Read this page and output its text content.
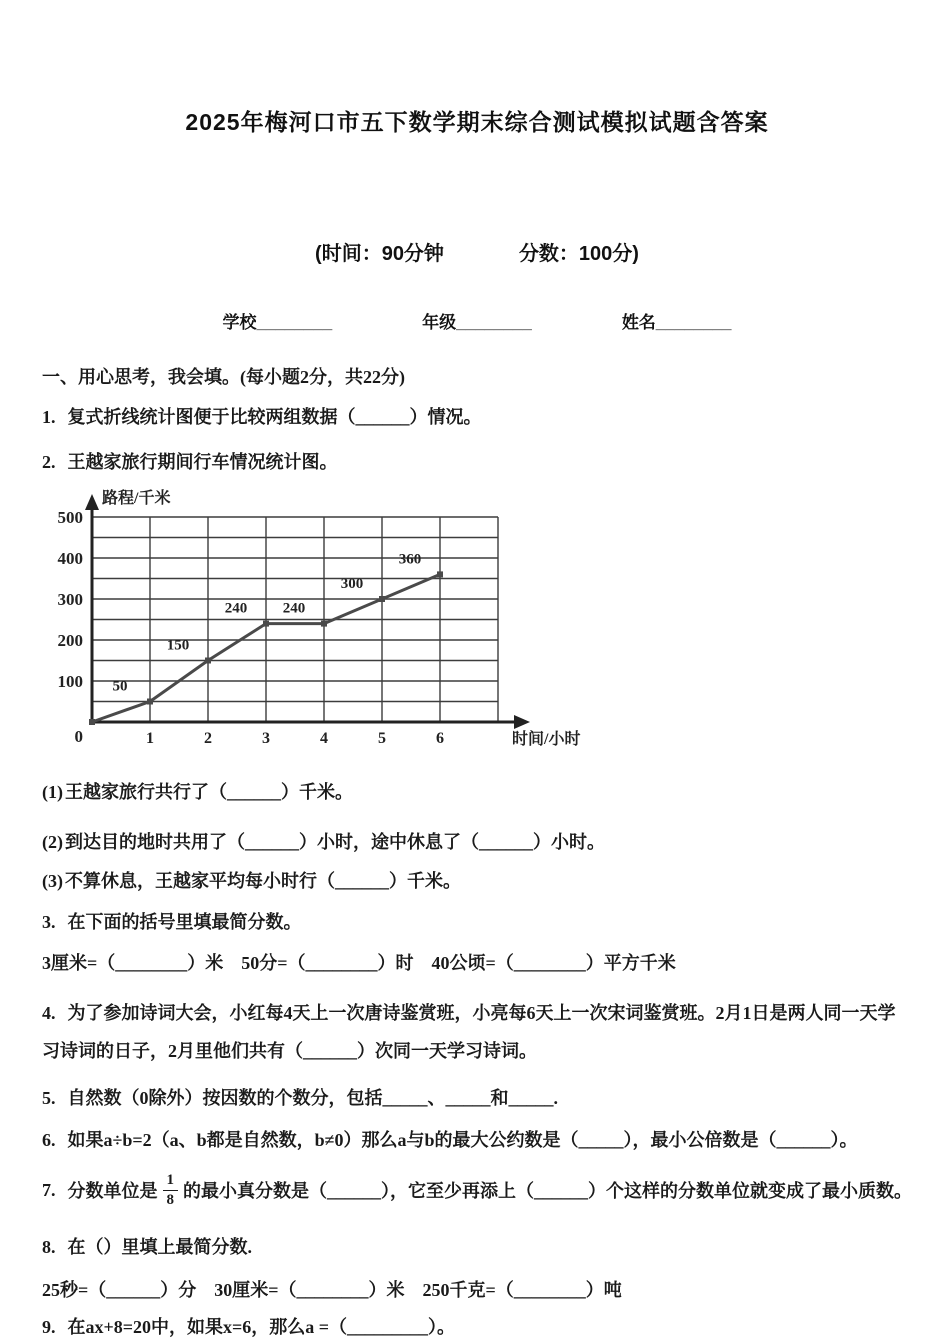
2025年梅河口市五下数学期末综合测试模拟试题含答案
(时间：90分钟	分数：100分)
学校________	年级________	姓名________

一、用心思考，我会填。(每小题2分，共22分)

1. 复式折线统计图便于比较两组数据（______）情况。

2. 王越家旅行期间行车情况统计图。

100
200
300
400
500
0	1	2	3	4	5	6
路程/千米
时间/小时
50
150
240 240
300
360

(1) 王越家旅行共行了（______）千米。

(2) 到达目的地时共用了（______）小时，途中休息了（______）小时。

(3) 不算休息，王越家平均每小时行（______）千米。

3. 在下面的括号里填最简分数。

3厘米=（________）米　50分=（________）时　40公顷=（________）平方千米

4. 为了参加诗词大会，小红每4天上一次唐诗鉴赏班，小亮每6天上一次宋词鉴赏班。2月1日是两人同一天学习诗词的日子，2月里他们共有（______）次同一天学习诗词。

5. 自然数（0除外）按因数的个数分，包括_____、_____和_____.

6. 如果a÷b=2（a、b都是自然数，b≠0）那么a与b的最大公约数是（_____），最小公倍数是（______）。

7. 分数单位是 $\frac{1}{8}$ 的最小真分数是（______），它至少再添上（______）个这样的分数单位就变成了最小质数。

8. 在（）里填上最简分数.

25秒=（______）分　30厘米=（________）米　250千克=（________）吨

9. 在ax+8=20中，如果x=6，那么a =（_________）。
